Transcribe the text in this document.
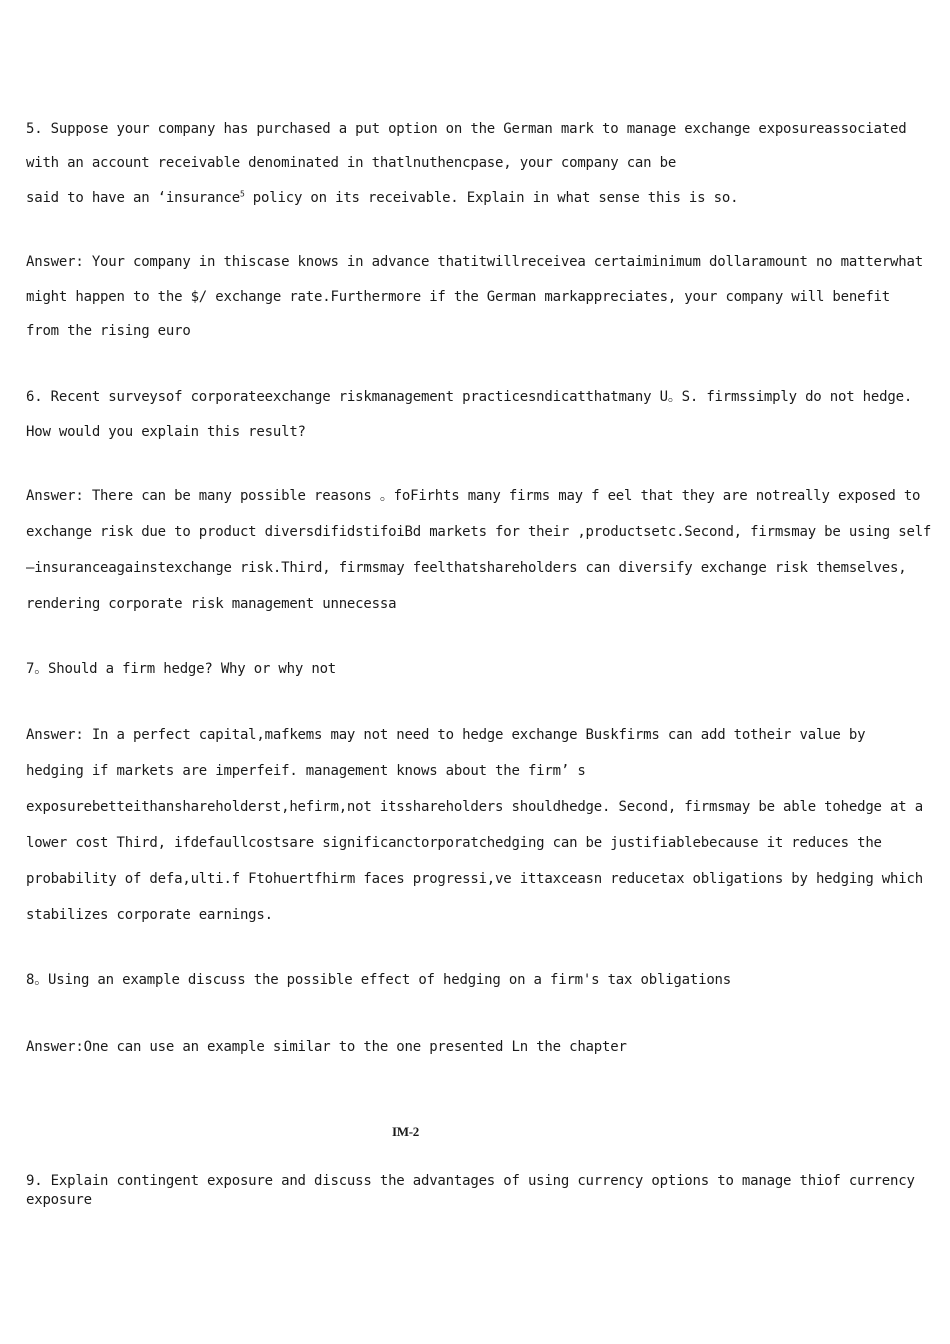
5. Suppose your company has purchased a put option on the German mark to manage exchange exposureassociated
with an account receivable denominated in thatlnuthencpase, your company can be
said to have an ‘insurance$^5$ policy on its receivable. Explain in what sense this is so.
Answer: Your company in thiscase knows in advance thatitwillreceivea certaiminimum dollaramount no matterwhat
might happen to the $/ exchange rate.Furthermore if the German markappreciates, your company will benefit
from the rising euro
6. Recent surveysof corporateexchange riskmanagement practicesndicatthatmany U。S. firmssimply do not hedge.
How would you explain this result?
Answer: There can be many possible reasons 。foFirhts many firms may f eel that they are notreally exposed to
exchange risk due to product diversdifidstifoiBd markets for their ,productsetc.Second, firmsmay be using self
—insuranceagainstexchange risk.Third, firmsmay feelthatshareholders can diversify exchange risk themselves,
rendering corporate risk management unnecessa
7。Should a firm hedge? Why or why not
Answer: In a perfect capital,mafkems may not need to hedge exchange Buskfirms can add totheir value by
hedging if markets are imperfeif. management knows about the firm’ s
exposurebetteithanshareholderst,hefirm,not itsshareholders shouldhedge. Second, firmsmay be able tohedge at a
lower cost Third, ifdefaullcostsare significanctorporatchedging can be justifiablebecause it reduces the
probability of defa,ulti.f Ftohuertfhirm faces progressi,ve ittaxceasn reducetax obligations by hedging which
stabilizes corporate earnings.
8。Using an example discuss the possible effect of hedging on a firm's tax obligations
Answer:One can use an example similar to the one presented Ln the chapter
IM-2
9. Explain contingent exposure and discuss the advantages of using currency options to manage thiof currency
exposure
